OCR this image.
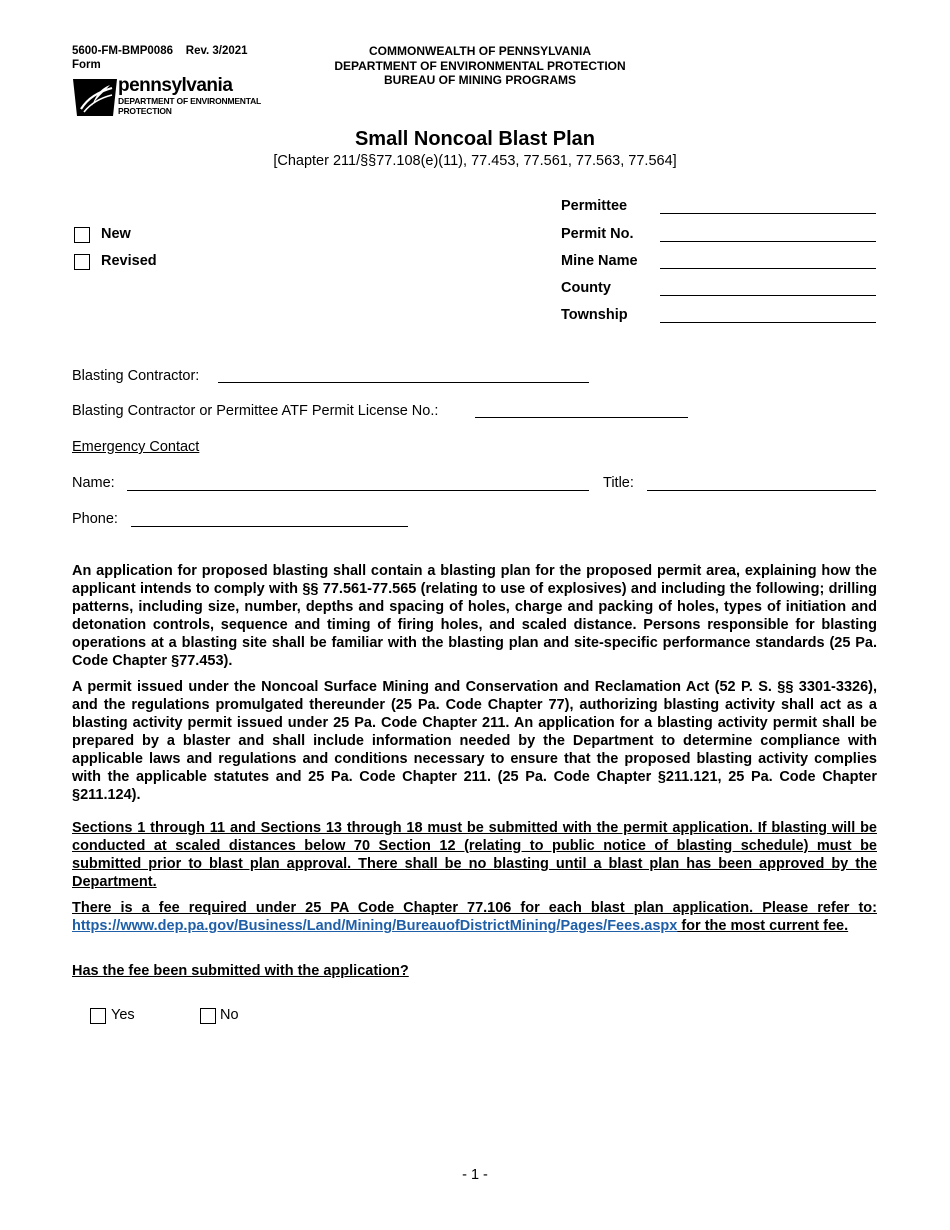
5600-FM-BMP0086 Rev. 3/2021
Form
pennsylvania
DEPARTMENT OF ENVIRONMENTAL
PROTECTION
COMMONWEALTH OF PENNSYLVANIA
DEPARTMENT OF ENVIRONMENTAL PROTECTION
BUREAU OF MINING PROGRAMS
Small Noncoal Blast Plan
[Chapter 211/§§77.108(e)(11), 77.453, 77.561, 77.563, 77.564]
New
Revised
Permittee
Permit No.
Mine Name
County
Township
Blasting Contractor:
Blasting Contractor or Permittee ATF Permit License No.:
Emergency Contact
Name:	Title:
Phone:
An application for proposed blasting shall contain a blasting plan for the proposed permit area, explaining how the applicant intends to comply with §§ 77.561-77.565 (relating to use of explosives) and including the following; drilling patterns, including size, number, depths and spacing of holes, charge and packing of holes, types of initiation and detonation controls, sequence and timing of firing holes, and scaled distance. Persons responsible for blasting operations at a blasting site shall be familiar with the blasting plan and site-specific performance standards (25 Pa. Code Chapter §77.453).
A permit issued under the Noncoal Surface Mining and Conservation and Reclamation Act (52 P. S. §§ 3301-3326), and the regulations promulgated thereunder (25 Pa. Code Chapter 77), authorizing blasting activity shall act as a blasting activity permit issued under 25 Pa. Code Chapter 211. An application for a blasting activity permit shall be prepared by a blaster and shall include information needed by the Department to determine compliance with applicable laws and regulations and conditions necessary to ensure that the proposed blasting activity complies with the applicable statutes and 25 Pa. Code Chapter 211. (25 Pa. Code Chapter §211.121, 25 Pa. Code Chapter §211.124).
Sections 1 through 11 and Sections 13 through 18 must be submitted with the permit application. If blasting will be conducted at scaled distances below 70 Section 12 (relating to public notice of blasting schedule) must be submitted prior to blast plan approval. There shall be no blasting until a blast plan has been approved by the Department.
There is a fee required under 25 PA Code Chapter 77.106 for each blast plan application. Please refer to: https://www.dep.pa.gov/Business/Land/Mining/BureauofDistrictMining/Pages/Fees.aspx for the most current fee.
Has the fee been submitted with the application?
Yes	No
- 1 -
